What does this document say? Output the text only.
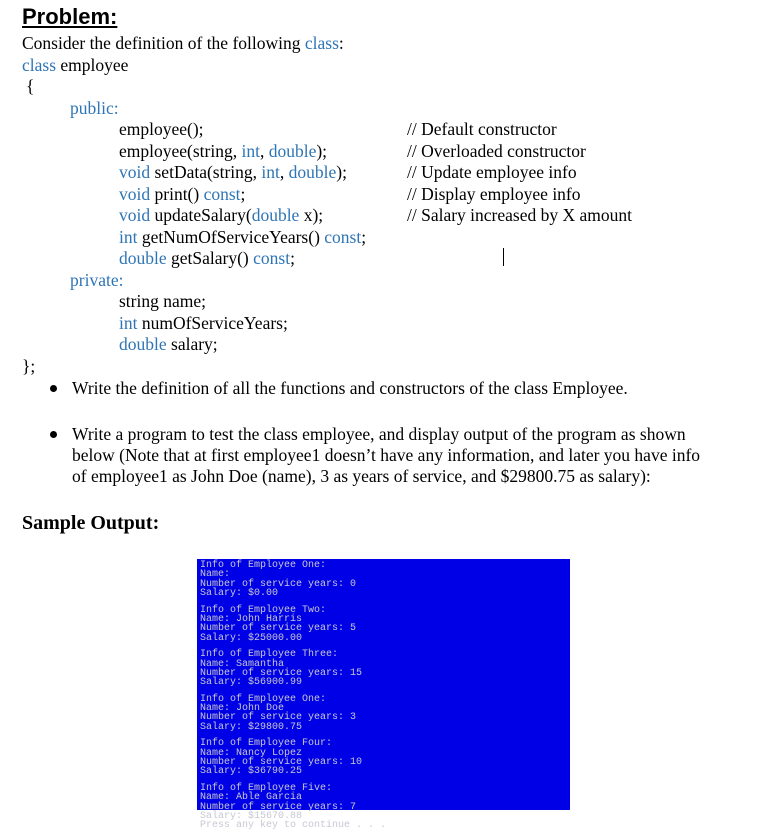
Problem:
Consider the definition of the following class:
class employee
{
public:
employee();
employee(string, int, double);
void setData(string, int, double);
void print() const;
void updateSalary(double x);
int getNumOfServiceYears() const;
double getSalary() const;
// Default constructor
// Overloaded constructor
// Update employee info
// Display employee info
// Salary increased by X amount
private:
string name;
int numOfServiceYears;
double salary;
};
Write the definition of all the functions and constructors of the class Employee.
Write a program to test the class employee, and display output of the program as shown
below (Note that at first employee1 doesn’t have any information, and later you have info
of employee1 as John Doe (name), 3 as years of service, and $29800.75 as salary):
Sample Output:
Info of Employee One:
Name:
Number of service years: 0
Salary: $0.00
Info of Employee Two:
Name: John Harris
Number of service years: 5
Salary: $25000.00
Info of Employee Three:
Name: Samantha
Number of service years: 15
Salary: $56900.99
Info of Employee One:
Name: John Doe
Number of service years: 3
Salary: $29800.75
Info of Employee Four:
Name: Nancy Lopez
Number of service years: 10
Salary: $36790.25
Info of Employee Five:
Name: Able Garcia
Number of service years: 7
Salary: $15670.88
Press any key to continue . . .
